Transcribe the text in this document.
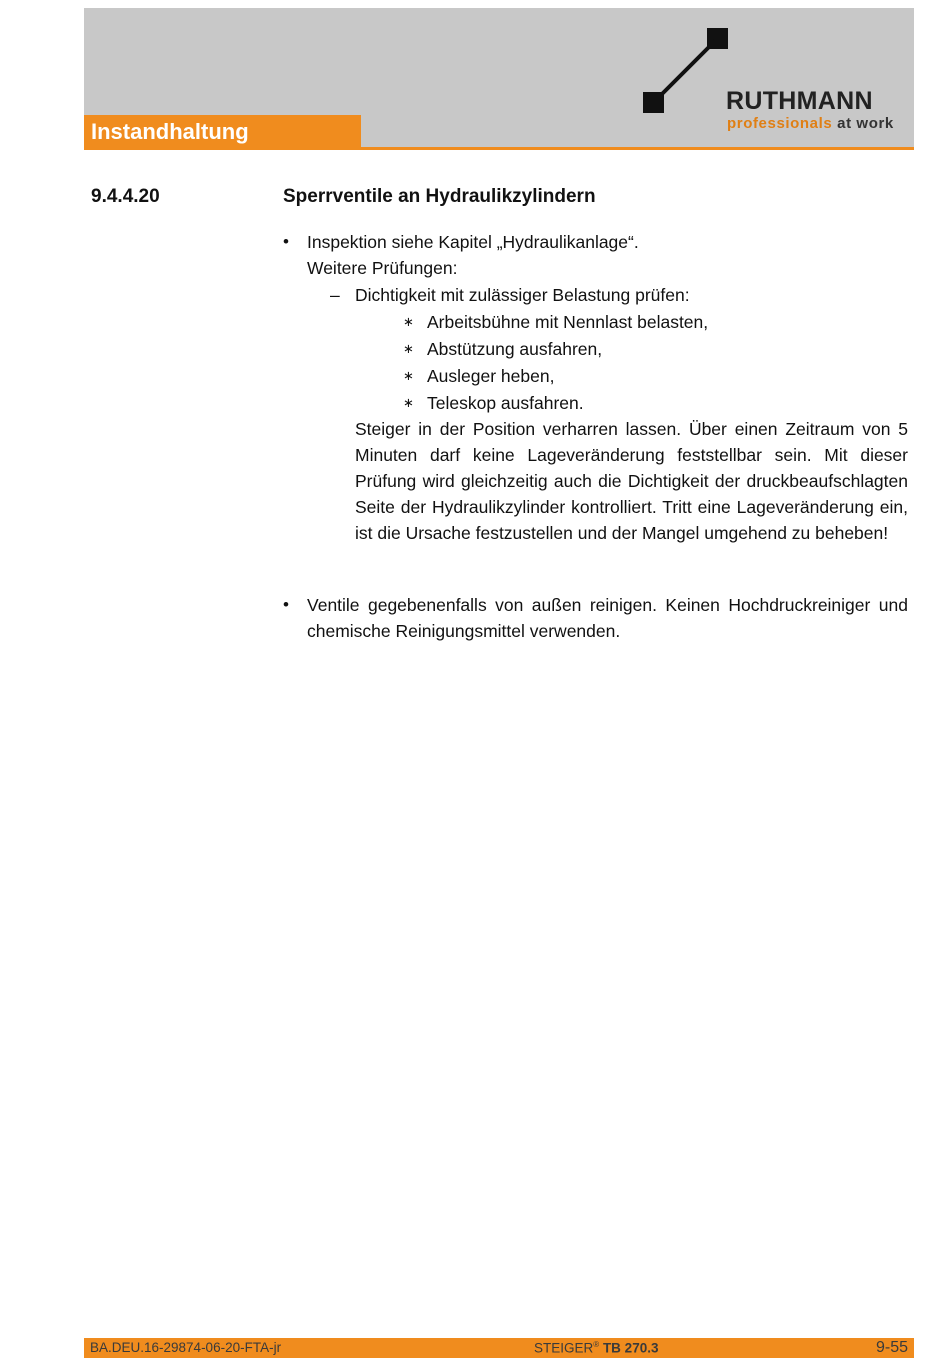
Instandhaltung
RUTHMANN
professionals at work
9.4.4.20	Sperrventile an Hydraulikzylindern
• Inspektion siehe Kapitel „Hydraulikanlage“.
Weitere Prüfungen:
– Dichtigkeit mit zulässiger Belastung prüfen:
∗ Arbeitsbühne mit Nennlast belasten,
∗ Abstützung ausfahren,
∗ Ausleger heben,
∗ Teleskop ausfahren.
Steiger in der Position verharren lassen. Über einen Zeitraum von 5 Minuten darf keine Lageveränderung feststellbar sein. Mit dieser Prüfung wird gleichzeitig auch die Dichtigkeit der druckbeaufschlagten Seite der Hydraulikzylinder kontrolliert. Tritt eine Lageveränderung ein, ist die Ursache festzustellen und der Mangel umgehend zu beheben!
• Ventile gegebenenfalls von außen reinigen. Keinen Hochdruckreiniger und chemische Reinigungsmittel verwenden.
BA.DEU.16-29874-06-20-FTA-jr	STEIGER® TB 270.3	9-55
